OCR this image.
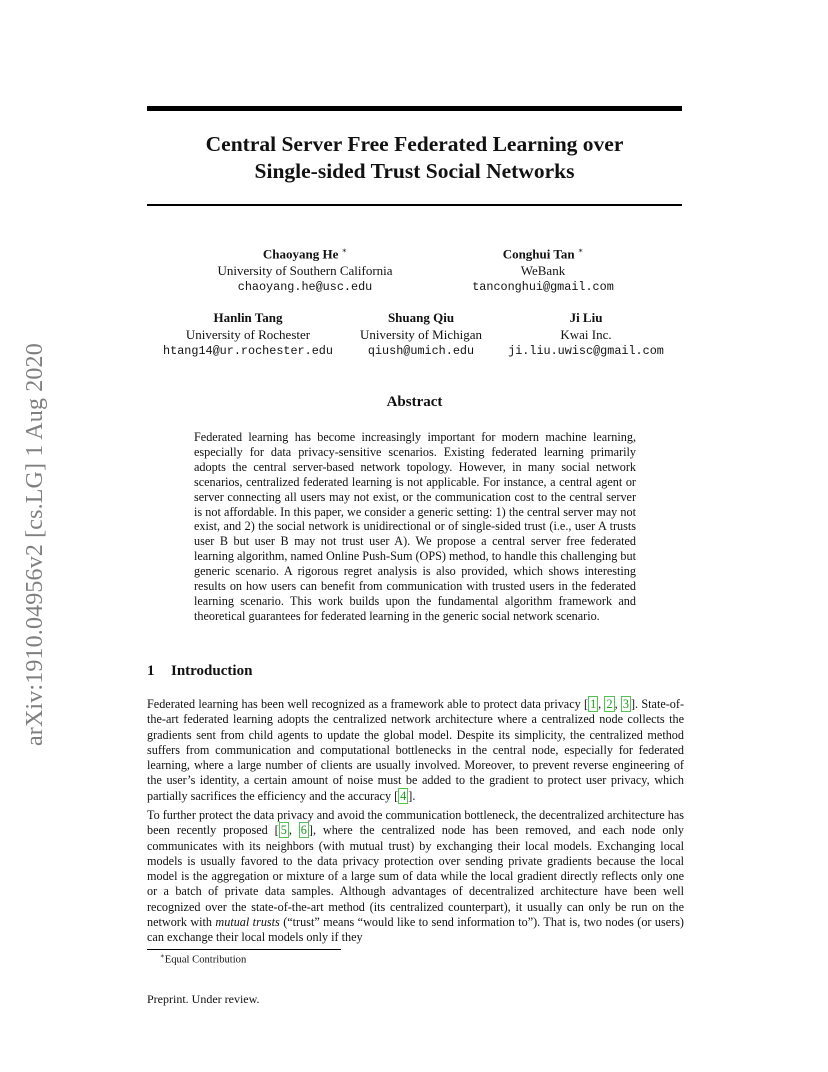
arXiv:1910.04956v2 [cs.LG] 1 Aug 2020
Central Server Free Federated Learning over
Single-sided Trust Social Networks
Chaoyang He ∗
University of Southern California
chaoyang.he@usc.edu
Conghui Tan ∗
WeBank
tanconghui@gmail.com
Hanlin Tang
University of Rochester
htang14@ur.rochester.edu
Shuang Qiu
University of Michigan
qiush@umich.edu
Ji Liu
Kwai Inc.
ji.liu.uwisc@gmail.com
Abstract

Federated learning has become increasingly important for modern machine learning, especially for data privacy-sensitive scenarios. Existing federated learning primarily adopts the central server-based network topology. However, in many social network scenarios, centralized federated learning is not applicable. For instance, a central agent or server connecting all users may not exist, or the communication cost to the central server is not affordable. In this paper, we consider a generic setting: 1) the central server may not exist, and 2) the social network is unidirectional or of single-sided trust (i.e., user A trusts user B but user B may not trust user A). We propose a central server free federated learning algorithm, named Online Push-Sum (OPS) method, to handle this challenging but generic scenario. A rigorous regret analysis is also provided, which shows interesting results on how users can benefit from communication with trusted users in the federated learning scenario. This work builds upon the fundamental algorithm framework and theoretical guarantees for federated learning in the generic social network scenario.

1 Introduction

Federated learning has been well recognized as a framework able to protect data privacy [ 1 , 2 , 3 ]. State-of-the-art federated learning adopts the centralized network architecture where a centralized node collects the gradients sent from child agents to update the global model. Despite its simplicity, the centralized method suffers from communication and computational bottlenecks in the central node, especially for federated learning, where a large number of clients are usually involved. Moreover, to prevent reverse engineering of the user’s identity, a certain amount of noise must be added to the gradient to protect user privacy, which partially sacrifices the efficiency and the accuracy [ 4 ].

To further protect the data privacy and avoid the communication bottleneck, the decentralized architecture has been recently proposed [ 5 , 6 ], where the centralized node has been removed, and each node only communicates with its neighbors (with mutual trust) by exchanging their local models. Exchanging local models is usually favored to the data privacy protection over sending private gradients because the local model is the aggregation or mixture of a large sum of data while the local gradient directly reflects only one or a batch of private data samples. Although advantages of decentralized architecture have been well recognized over the state-of-the-art method (its centralized counterpart), it usually can only be run on the network with mutual trusts (“trust” means “would like to send information to”). That is, two nodes (or users) can exchange their local models only if they

∗Equal Contribution
Preprint. Under review.
